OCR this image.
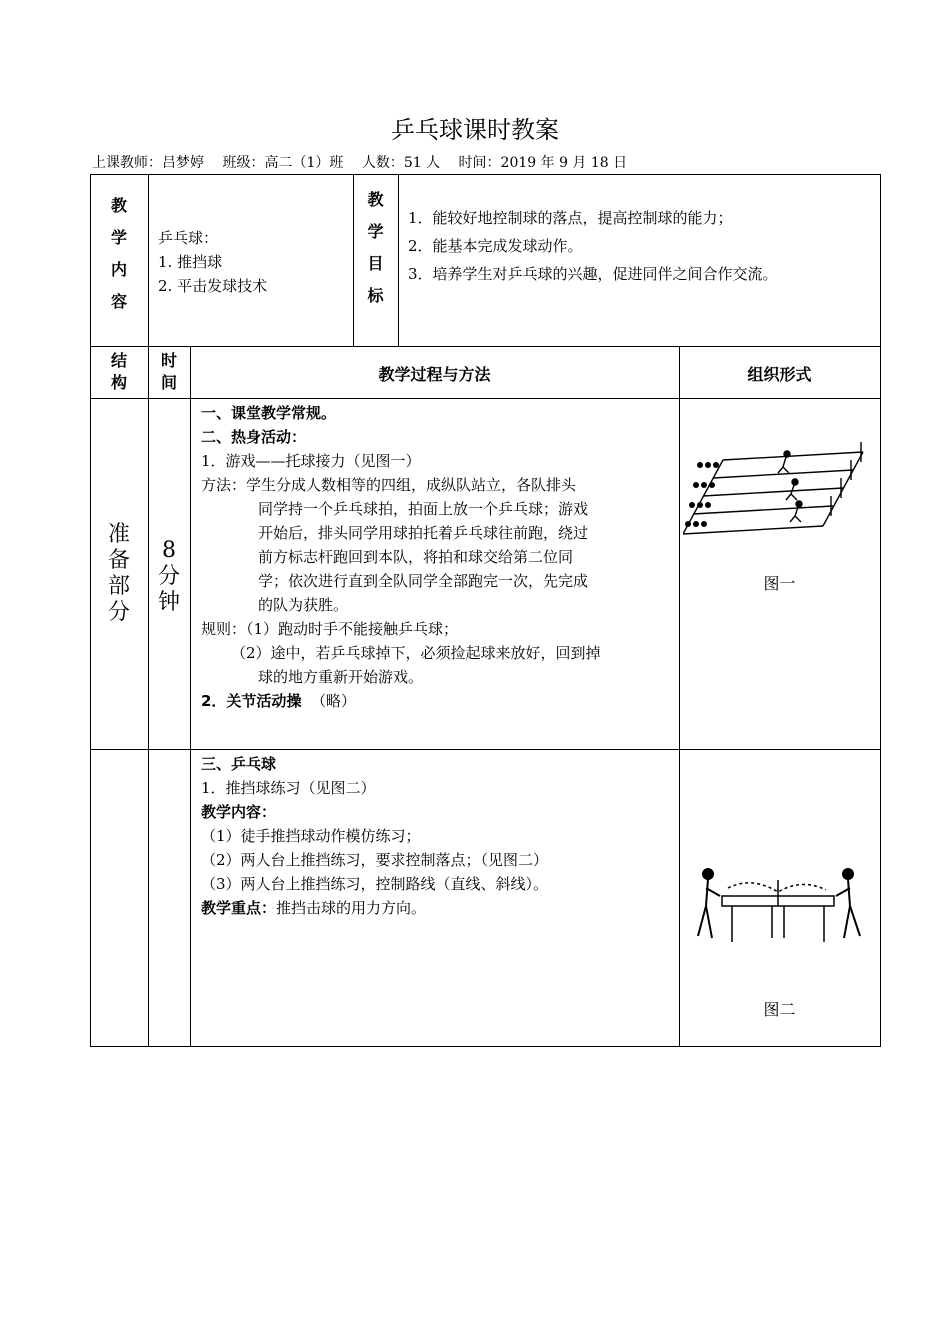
乒乓球课时教案
上课教师：吕梦婷 班级：高二（1）班 人数：51 人 时间：2019 年 9 月 18 日
教
学
内
容
乒乓球：
1. 推挡球
2. 平击发球技术
教
学
目
标
1．能较好地控制球的落点，提高控制球的能力；
2．能基本完成发球动作。
3．培养学生对乒乓球的兴趣，促进同伴之间合作交流。
结
构
时
间	教学过程与方法	组织形式
准
备
部
分
8
分
钟
一、课堂教学常规。
二、热身活动：
1．游戏——托球接力（见图一）
方法：学生分成人数相等的四组，成纵队站立，各队排头
同学持一个乒乓球拍，拍面上放一个乒乓球；游戏
开始后，排头同学用球拍托着乒乓球往前跑，绕过
前方标志杆跑回到本队，将拍和球交给第二位同
学；依次进行直到全队同学全部跑完一次，先完成
的队为获胜。
规则：（1）跑动时手不能接触乒乓球；
（2）途中，若乒乓球掉下，必须捡起球来放好，回到掉
球的地方重新开始游戏。
2．关节活动操 （略）
图一
三、乒乓球
1．推挡球练习（见图二）
教学内容：
（1）徒手推挡球动作模仿练习；
（2）两人台上推挡练习，要求控制落点；（见图二）
（3）两人台上推挡练习，控制路线（直线、斜线）。
教学重点：推挡击球的用力方向。
图二
